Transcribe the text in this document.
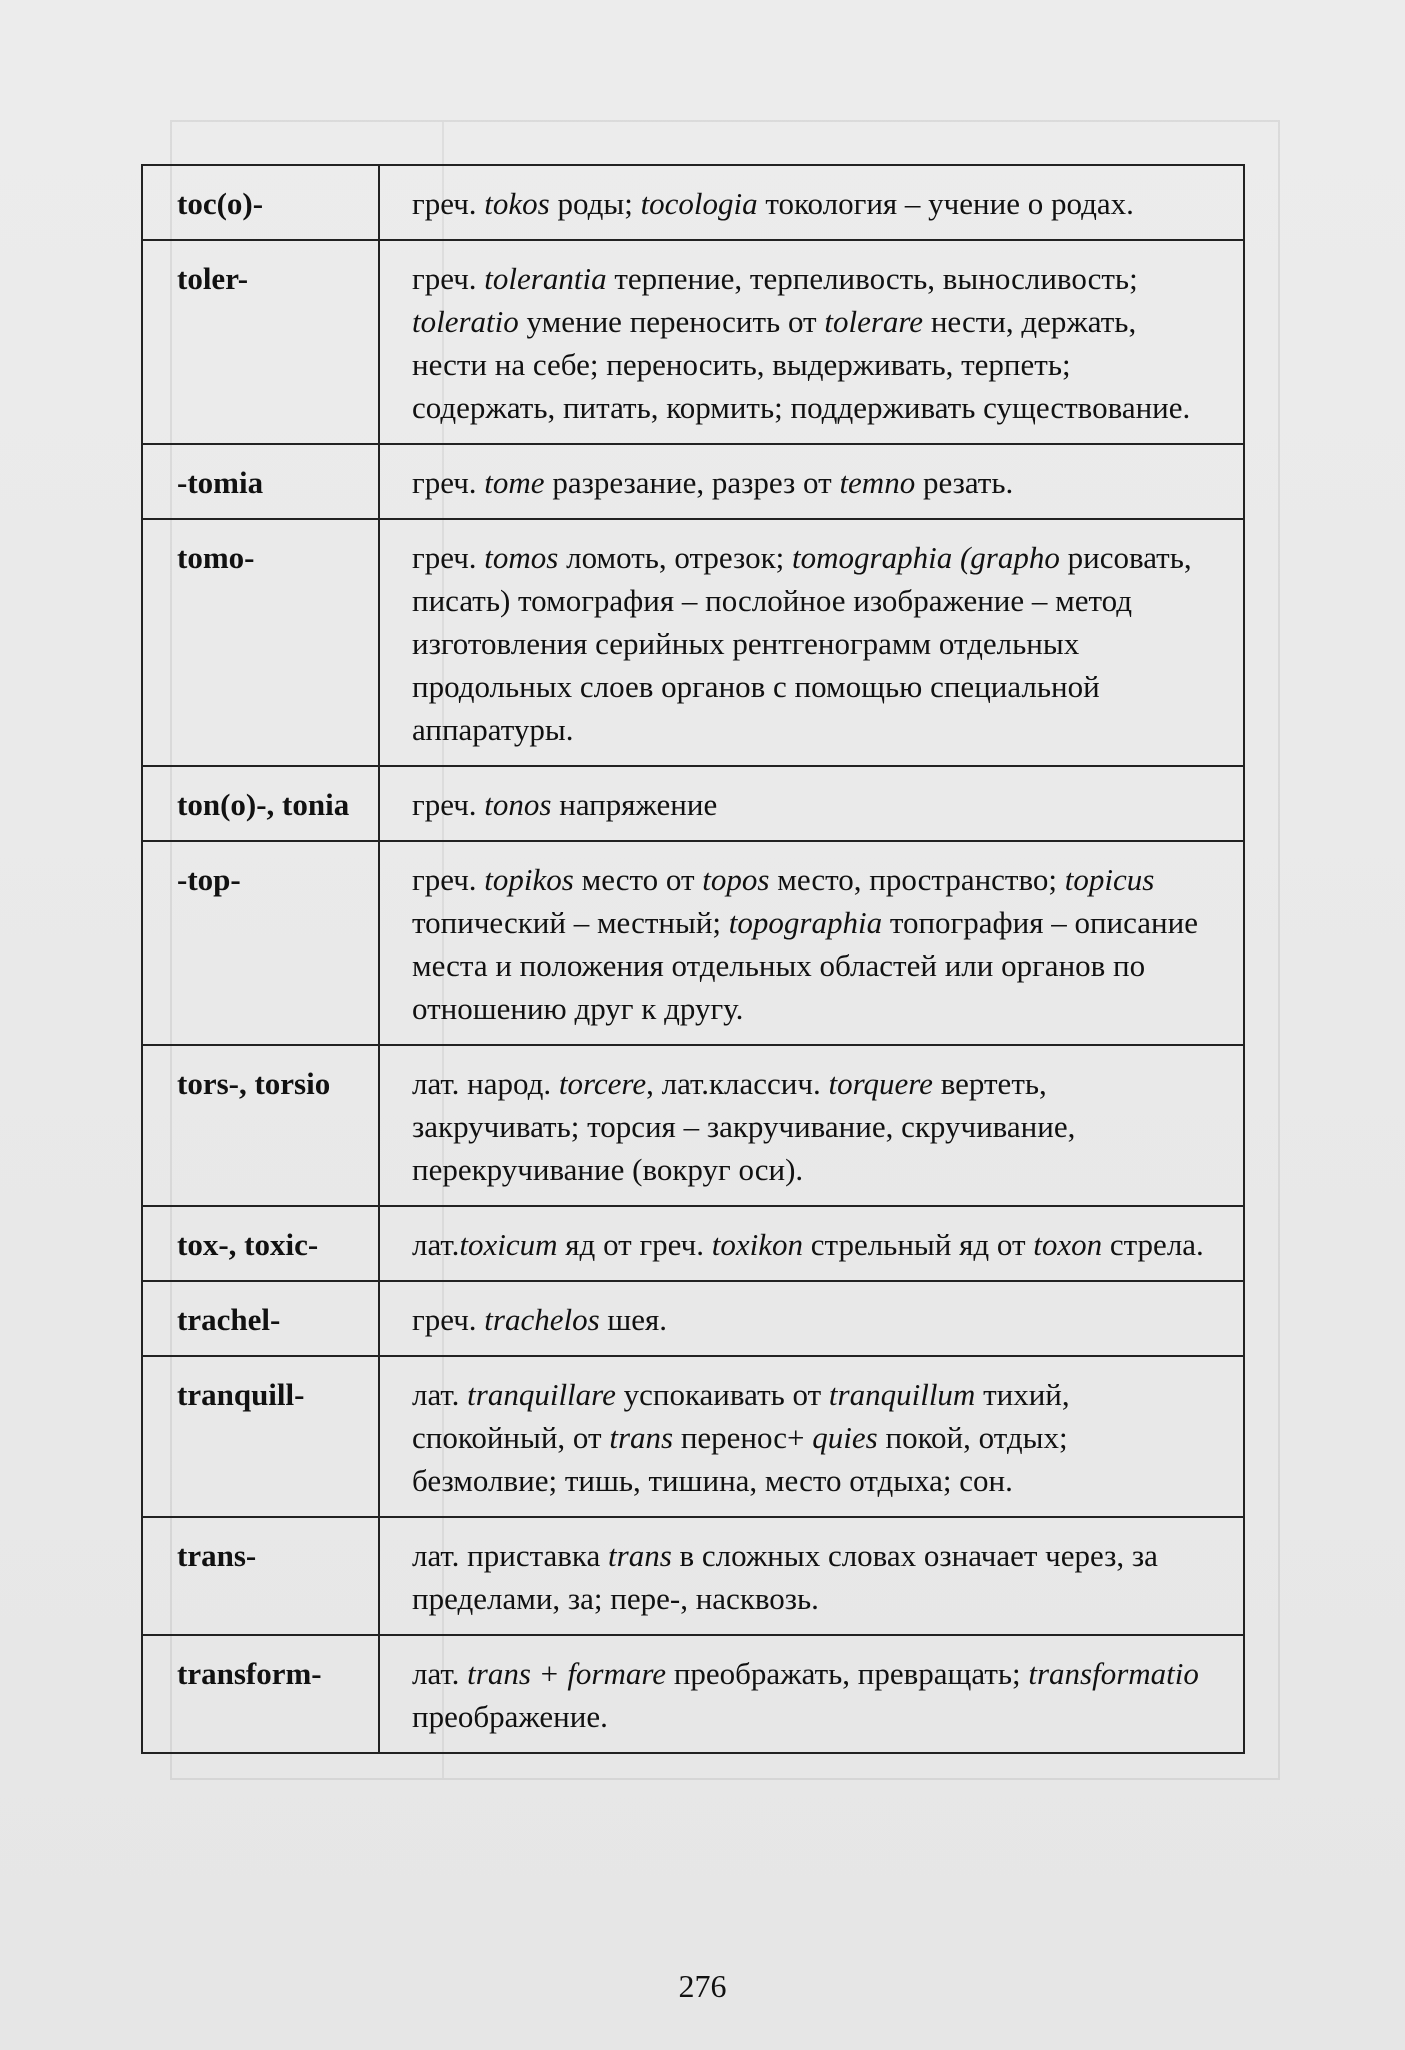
toc(o)-	греч. tokos роды; tocologia токология – учение о родах.
toler-	греч. tolerantia терпение, терпеливость, выносливость; toleratio умение переносить от tolerare нести, держать, нести на себе; переносить, выдерживать, терпеть; содержать, питать, кормить; поддерживать существование.
-tomia	греч. tome разрезание, разрез от temno резать.
tomo-	греч. tomos ломоть, отрезок; tomographia (grapho рисовать, писать) томография – послойное изображение – метод изготовления серийных рентгенограмм отдельных продольных слоев органов с помощью специальной аппаратуры.
ton(o)-, tonia	греч. tonos напряжение
-top-	греч. topikos место от topos место, пространство; topicus топический – местный; topographia топография – описание места и положения отдельных областей или органов по отношению друг к другу.
tors-, torsio	лат. народ. torcere, лат.классич. torquere вертеть, закручивать; торсия – закручивание, скручивание, перекручивание (вокруг оси).
tox-, toxic-	лат.toxicum яд от греч. toxikon стрельный яд от toxon стрела.
trachel-	греч. trachelos шея.
tranquill-	лат. tranquillare успокаивать от tranquillum тихий, спокойный, от trans перенос+ quies покой, отдых; безмолвие; тишь, тишина, место отдыха; сон.
trans-	лат. приставка trans в сложных словах означает через, за пределами, за; пере-, насквозь.
transform-	лат. trans + formare преображать, превращать; transformatio преображение.
276
